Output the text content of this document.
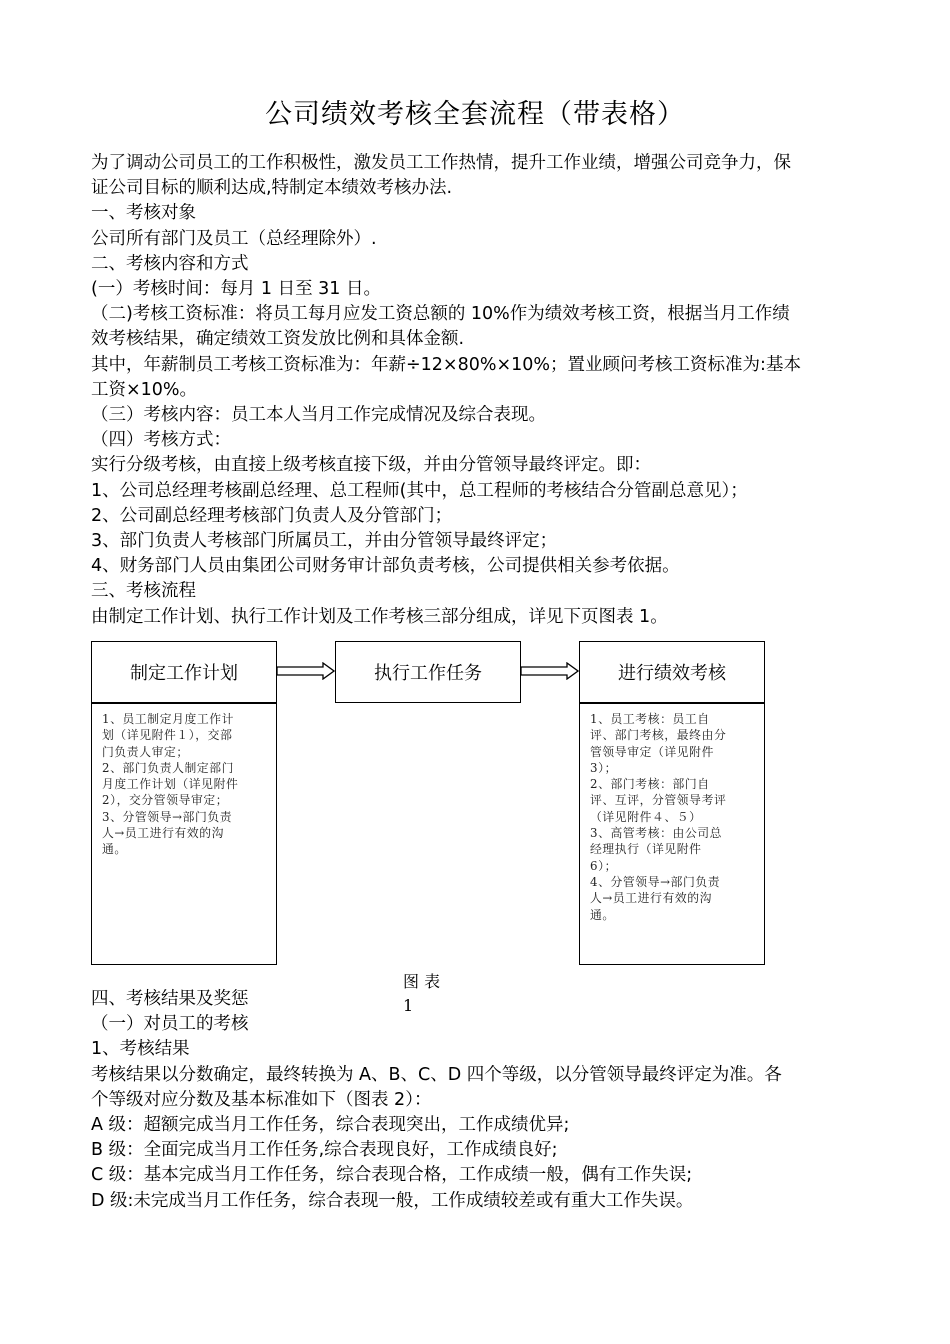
公司绩效考核全套流程（带表格）

为了调动公司员工的工作积极性，激发员工工作热情，提升工作业绩，增强公司竞争力，保

证公司目标的顺利达成,特制定本绩效考核办法.

一、考核对象

公司所有部门及员工（总经理除外）.

二、考核内容和方式

(一）考核时间：每月 1 日至 31 日。

（二)考核工资标准：将员工每月应发工资总额的 10%作为绩效考核工资，根据当月工作绩

效考核结果，确定绩效工资发放比例和具体金额.

其中，年薪制员工考核工资标准为：年薪÷12×80%×10%；置业顾问考核工资标准为:基本

工资×10%。

（三）考核内容：员工本人当月工作完成情况及综合表现。

（四）考核方式：

实行分级考核，由直接上级考核直接下级，并由分管领导最终评定。即：

1、公司总经理考核副总经理、总工程师(其中，总工程师的考核结合分管副总意见）；

2、公司副总经理考核部门负责人及分管部门；

3、部门负责人考核部门所属员工，并由分管领导最终评定；

4、财务部门人员由集团公司财务审计部负责考核，公司提供相关参考依据。

三、考核流程

由制定工作计划、执行工作计划及工作考核三部分组成，详见下页图表 1。

制定工作计划	执行工作任务	进行绩效考核
1、员工制定月度工作计
划（详见附件１），交部
门负责人审定；
2、部门负责人制定部门
月度工作计划（详见附件
2），交分管领导审定；
3、分管领导→部门负责
人→员工进行有效的沟
通。
1、员工考核：员工自
评、部门考核，最终由分
管领导审定（详见附件
3）；
2、部门考核：部门自
评、互评，分管领导考评
（详见附件４、５）
3、高管考核：由公司总
经理执行（详见附件
6）；
4、分管领导→部门负责
人→员工进行有效的沟
通。
图 表
1

四、考核结果及奖惩

（一）对员工的考核

1、考核结果

考核结果以分数确定，最终转换为 A、B、C、D 四个等级，以分管领导最终评定为准。各

个等级对应分数及基本标准如下（图表 2）：

A 级：超额完成当月工作任务，综合表现突出，工作成绩优异;

B 级：全面完成当月工作任务,综合表现良好，工作成绩良好;

C 级：基本完成当月工作任务，综合表现合格，工作成绩一般，偶有工作失误;

D 级:未完成当月工作任务，综合表现一般，工作成绩较差或有重大工作失误。
